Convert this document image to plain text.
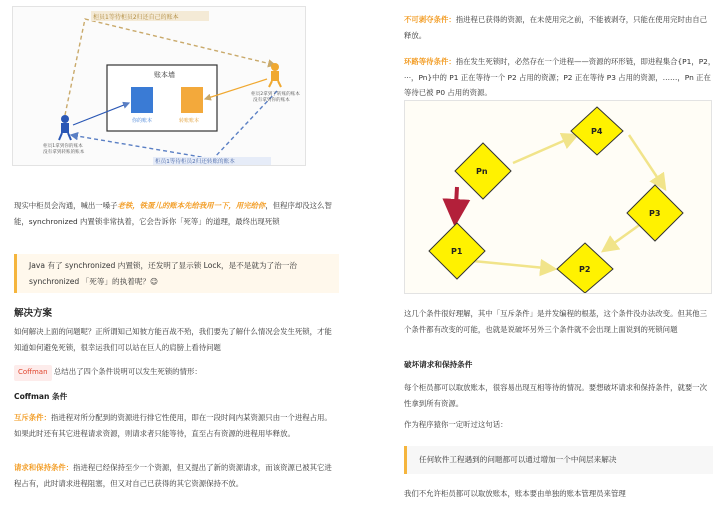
柜员1等待柜员2归还自己的账本
账本墙
你的账本	转账账本
柜员1拿到你的账本没有拿到转账的账本
柜员2拿到了转账的账本没有拿到你的账本
柜员1等待柜员2归还转账的账本
现实中柜员会沟通，喊出一嗓子老铁，铁蛋儿的账本先给我用一下，用完给你，但程序却没这么智能，synchronized 内置锁非常执着，它会告诉你「死等」的道理，最终出现死锁
Java 有了 synchronized 内置锁，还发明了显示锁 Lock，是不是就为了治一治 synchronized 「死等」的执着呢？😉
解决方案
如何解决上面的问题呢？正所谓知己知彼方能百战不殆，我们要先了解什么情况会发生死锁，才能知道如何避免死锁，很幸运我们可以站在巨人的肩膀上看待问题
Coffman 总结出了四个条件说明可以发生死锁的情形：
Coffman 条件
互斥条件：指进程对所分配到的资源进行排它性使用，即在一段时间内某资源只由一个进程占用。如果此时还有其它进程请求资源，则请求者只能等待，直至占有资源的进程用毕释放。
请求和保持条件：指进程已经保持至少一个资源，但又提出了新的资源请求，而该资源已被其它进程占有，此时请求进程阻塞，但又对自己已获得的其它资源保持不放。
不可剥夺条件：指进程已获得的资源，在未使用完之前，不能被剥夺，只能在使用完时由自己释放。
环路等待条件：指在发生死锁时，必然存在一个进程——资源的环形链，即进程集合{P1，P2，···，Pn}中的 P1 正在等待一个 P2 占用的资源；P2 正在等待 P3 占用的资源，……，Pn 正在等待已被 P0 占用的资源。
P4
Pn
P3
P1
P2
这几个条件很好理解，其中「互斥条件」是并发编程的根基，这个条件没办法改变。但其他三个条件都有改变的可能，也就是说破坏另外三个条件就不会出现上面说到的死锁问题
破坏请求和保持条件
每个柜员都可以取放账本，很容易出现互相等待的情况。要想破坏请求和保持条件，就要一次性拿到所有资源。
作为程序猿你一定听过这句话：
任何软件工程遇到的问题都可以通过增加一个中间层来解决
我们不允许柜员都可以取放账本，账本要由单独的账本管理员来管理
